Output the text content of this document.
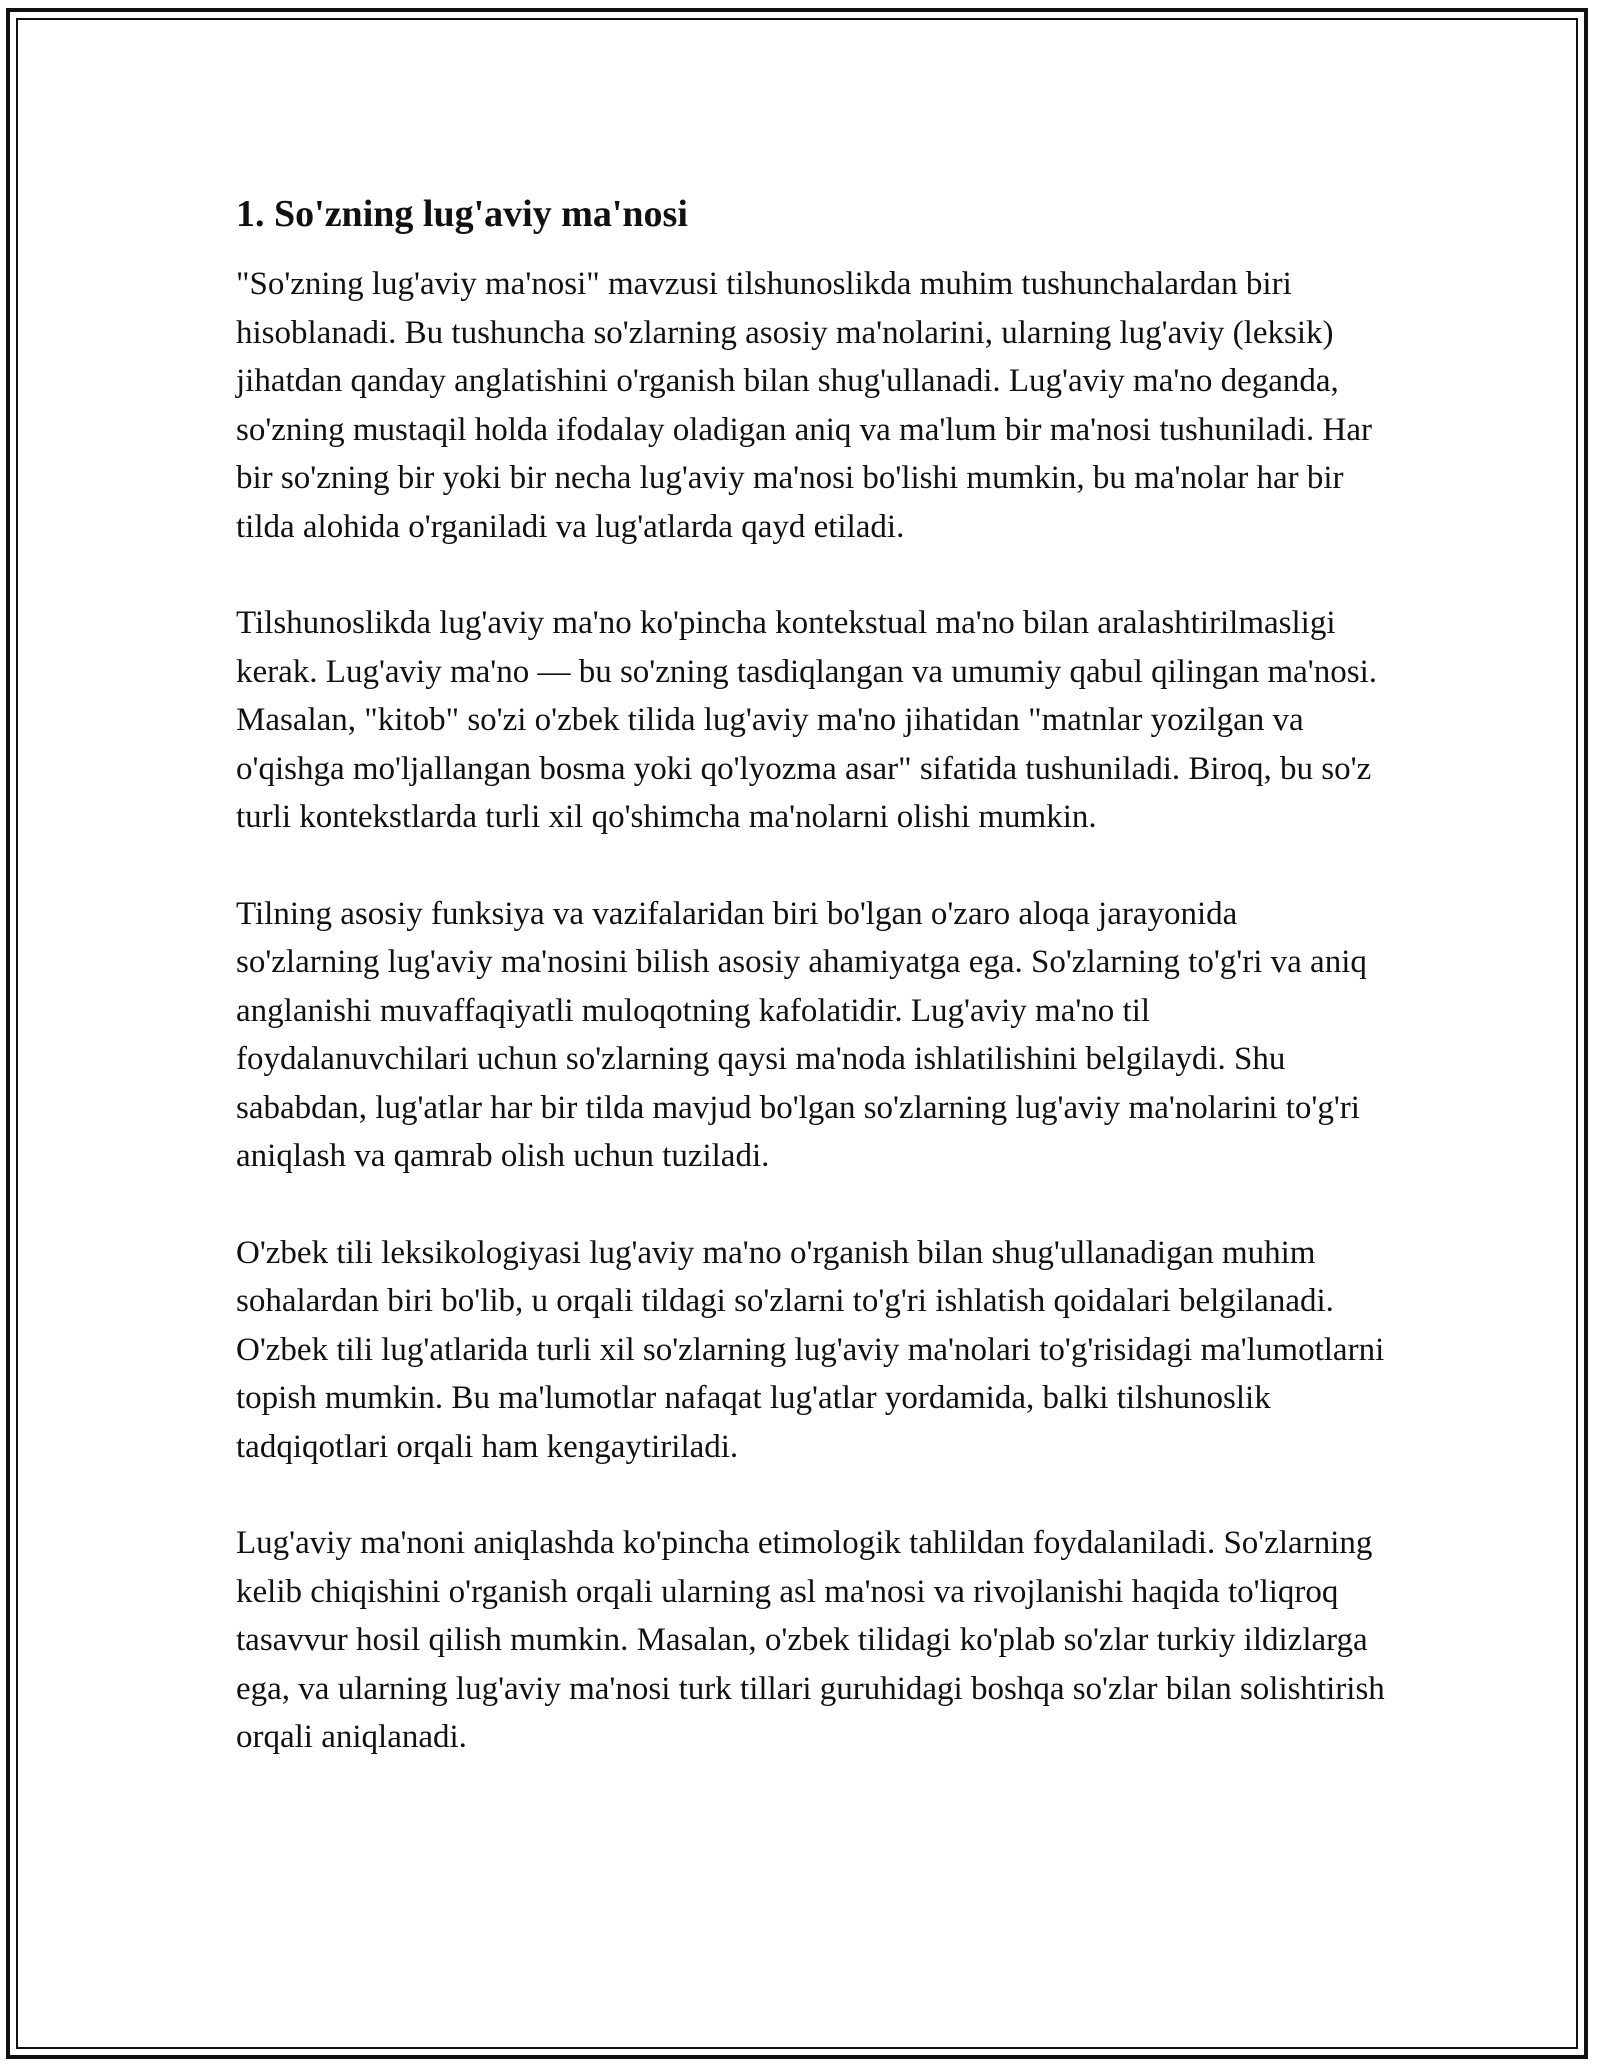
1. So'zning lug'aviy ma'nosi

"So'zning lug'aviy ma'nosi" mavzusi tilshunoslikda muhim tushunchalardan biri hisoblanadi. Bu tushuncha so'zlarning asosiy ma'nolarini, ularning lug'aviy (leksik) jihatdan qanday anglatishini o'rganish bilan shug'ullanadi. Lug'aviy ma'no deganda, so'zning mustaqil holda ifodalay oladigan aniq va ma'lum bir ma'nosi tushuniladi. Har bir so'zning bir yoki bir necha lug'aviy ma'nosi bo'lishi mumkin, bu ma'nolar har bir tilda alohida o'rganiladi va lug'atlarda qayd etiladi.

Tilshunoslikda lug'aviy ma'no ko'pincha kontekstual ma'no bilan aralashtirilmasligi kerak. Lug'aviy ma'no — bu so'zning tasdiqlangan va umumiy qabul qilingan ma'nosi. Masalan, "kitob" so'zi o'zbek tilida lug'aviy ma'no jihatidan "matnlar yozilgan va o'qishga mo'ljallangan bosma yoki qo'lyozma asar" sifatida tushuniladi. Biroq, bu so'z turli kontekstlarda turli xil qo'shimcha ma'nolarni olishi mumkin.

Tilning asosiy funksiya va vazifalaridan biri bo'lgan o'zaro aloqa jarayonida so'zlarning lug'aviy ma'nosini bilish asosiy ahamiyatga ega. So'zlarning to'g'ri va aniq anglanishi muvaffaqiyatli muloqotning kafolatidir. Lug'aviy ma'no til foydalanuvchilari uchun so'zlarning qaysi ma'noda ishlatilishini belgilaydi. Shu sababdan, lug'atlar har bir tilda mavjud bo'lgan so'zlarning lug'aviy ma'nolarini to'g'ri aniqlash va qamrab olish uchun tuziladi.

O'zbek tili leksikologiyasi lug'aviy ma'no o'rganish bilan shug'ullanadigan muhim sohalardan biri bo'lib, u orqali tildagi so'zlarni to'g'ri ishlatish qoidalari belgilanadi. O'zbek tili lug'atlarida turli xil so'zlarning lug'aviy ma'nolari to'g'risidagi ma'lumotlarni topish mumkin. Bu ma'lumotlar nafaqat lug'atlar yordamida, balki tilshunoslik tadqiqotlari orqali ham kengaytiriladi.

Lug'aviy ma'noni aniqlashda ko'pincha etimologik tahlildan foydalaniladi. So'zlarning kelib chiqishini o'rganish orqali ularning asl ma'nosi va rivojlanishi haqida to'liqroq tasavvur hosil qilish mumkin. Masalan, o'zbek tilidagi ko'plab so'zlar turkiy ildizlarga ega, va ularning lug'aviy ma'nosi turk tillari guruhidagi boshqa so'zlar bilan solishtirish orqali aniqlanadi.
